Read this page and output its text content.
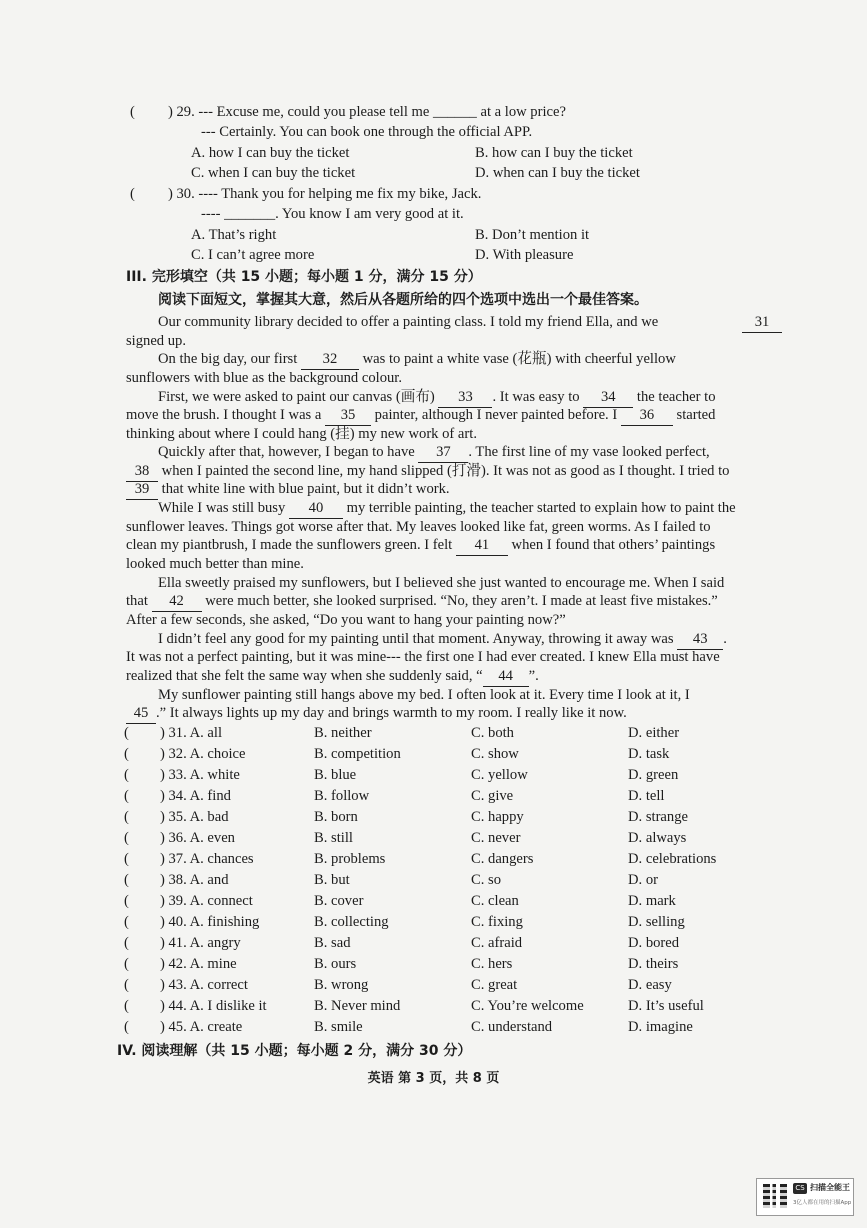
( ) 29. --- Excuse me, could you please tell me ______ at a low price?
--- Certainly. You can book one through the official APP.
A. how I can buy the ticket	B. how can I buy the ticket
C. when I can buy the ticket	D. when can I buy the ticket
( ) 30. ---- Thank you for helping me fix my bike, Jack.
---- _______. You know I am very good at it.
A. That’s right	B. Don’t mention it
C. I can’t agree more	D. With pleasure
III. 完形填空（共 15 小题；每小题 1 分，满分 15 分）
阅读下面短文，掌握其大意，然后从各题所给的四个选项中选出一个最佳答案。
Our community library decided to offer a painting class. I told my friend Ella, and we	31
signed up.
On the big day, our first 32 was to paint a white vase (花瓶) with cheerful yellow
sunflowers with blue as the background colour.
First, we were asked to paint our canvas (画布) 33 . It was easy to 34 the teacher to
move the brush. I thought I was a 35 painter, although I never painted before. I 36 started
thinking about where I could hang (挂) my new work of art.
Quickly after that, however, I began to have 37 . The first line of my vase looked perfect,
38 when I painted the second line, my hand slipped (打滑). It was not as good as I thought. I tried to
39 that white line with blue paint, but it didn’t work.
While I was still busy 40 my terrible painting, the teacher started to explain how to paint the
sunflower leaves. Things got worse after that. My leaves looked like fat, green worms. As I failed to
clean my piantbrush, I made the sunflowers green. I felt 41 when I found that others’ paintings
looked much better than mine.
Ella sweetly praised my sunflowers, but I believed she just wanted to encourage me. When I said
that 42 were much better, she looked surprised. “No, they aren’t. I made at least five mistakes.”
After a few seconds, she asked, “Do you want to hang your painting now?”
I didn’t feel any good for my painting until that moment. Anyway, throwing it away was 43 .
It was not a perfect painting, but it was mine--- the first one I had ever created. I knew Ella must have
realized that she felt the same way when she suddenly said, “ 44 ”.
My sunflower painting still hangs above my bed. I often look at it. Every time I look at it, I
45 .” It always lights up my day and brings warmth to my room. I really like it now.
( ) 31. A. all	B. neither	C. both	D. either
( ) 32. A. choice	B. competition	C. show	D. task
( ) 33. A. white	B. blue	C. yellow	D. green
( ) 34. A. find	B. follow	C. give	D. tell
( ) 35. A. bad	B. born	C. happy	D. strange
( ) 36. A. even	B. still	C. never	D. always
( ) 37. A. chances	B. problems	C. dangers	D. celebrations
( ) 38. A. and	B. but	C. so	D. or
( ) 39. A. connect	B. cover	C. clean	D. mark
( ) 40. A. finishing	B. collecting	C. fixing	D. selling
( ) 41. A. angry	B. sad	C. afraid	D. bored
( ) 42. A. mine	B. ours	C. hers	D. theirs
( ) 43. A. correct	B. wrong	C. great	D. easy
( ) 44. A. I dislike it	B. Never mind	C. You’re welcome	D. It’s useful
( ) 45. A. create	B. smile	C. understand	D. imagine
IV. 阅读理解（共 15 小题；每小题 2 分，满分 30 分）
英语 第 3 页，共 8 页
CS 扫描全能王
3亿人都在用的扫描App
